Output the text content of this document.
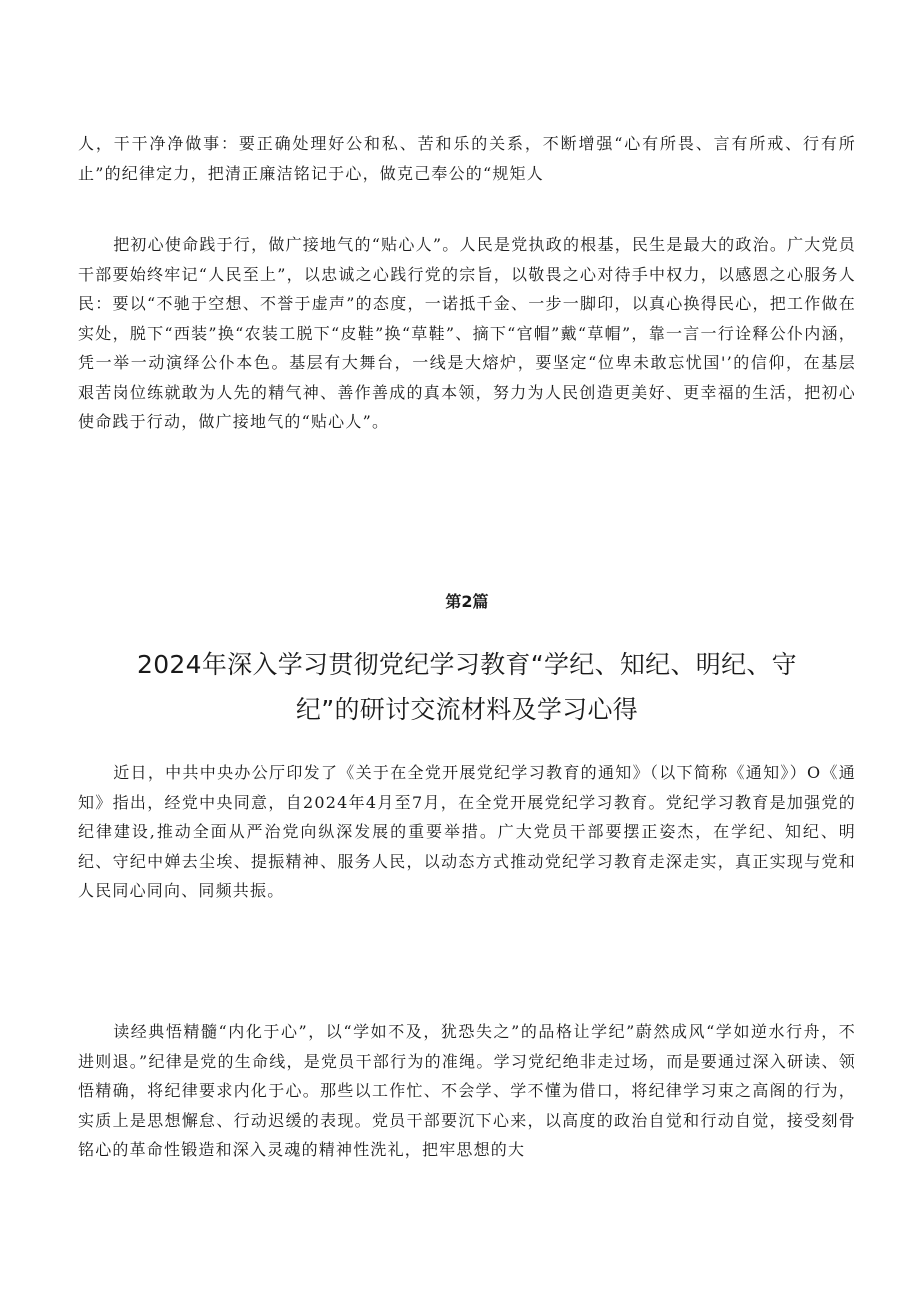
人，干干净净做事：要正确处理好公和私、苦和乐的关系，不断增强“心有所畏、言有所戒、行有所止”的纪律定力，把清正廉洁铭记于心，做克己奉公的“规矩人

把初心使命践于行，做广接地气的“贴心人”。人民是党执政的根基，民生是最大的政治。广大党员干部要始终牢记“人民至上”，以忠诚之心践行党的宗旨，以敬畏之心对待手中权力，以感恩之心服务人民：要以“不驰于空想、不誉于虚声”的态度，一诺抵千金、一步一脚印，以真心换得民心，把工作做在实处，脱下“西装”换“农装工脱下“皮鞋”换“草鞋”、摘下“官帽”戴“草帽”，靠一言一行诠释公仆内涵，凭一举一动演绎公仆本色。基层有大舞台，一线是大熔炉，要坚定“位卑未敢忘忧国'’的信仰，在基层艰苦岗位练就敢为人先的精气神、善作善成的真本领，努力为人民创造更美好、更幸福的生活，把初心使命践于行动，做广接地气的“贴心人”。

第2篇
2024年深入学习贯彻党纪学习教育“学纪、知纪、明纪、守纪”的研讨交流材料及学习心得

近日，中共中央办公厅印发了《关于在全党开展党纪学习教育的通知》（以下简称《通知》）O《通知》指出，经党中央同意，自2024年4月至7月，在全党开展党纪学习教育。党纪学习教育是加强党的纪律建设,推动全面从严治党向纵深发展的重要举措。广大党员干部要摆正姿杰，在学纪、知纪、明纪、守纪中婵去尘埃、提振精神、服务人民，以动态方式推动党纪学习教育走深走实，真正实现与党和人民同心同向、同频共振。

读经典悟精髓“内化于心”，以“学如不及，犹恐失之”的品格让学纪”蔚然成风“学如逆水行舟，不进则退。”纪律是党的生命线，是党员干部行为的准绳。学习党纪绝非走过场，而是要通过深入研读、领悟精确，将纪律要求内化于心。那些以工作忙、不会学、学不懂为借口，将纪律学习束之高阁的行为，实质上是思想懈怠、行动迟缓的表现。党员干部要沉下心来，以高度的政治自觉和行动自觉，接受刻骨铭心的革命性锻造和深入灵魂的精神性洗礼，把牢思想的大
